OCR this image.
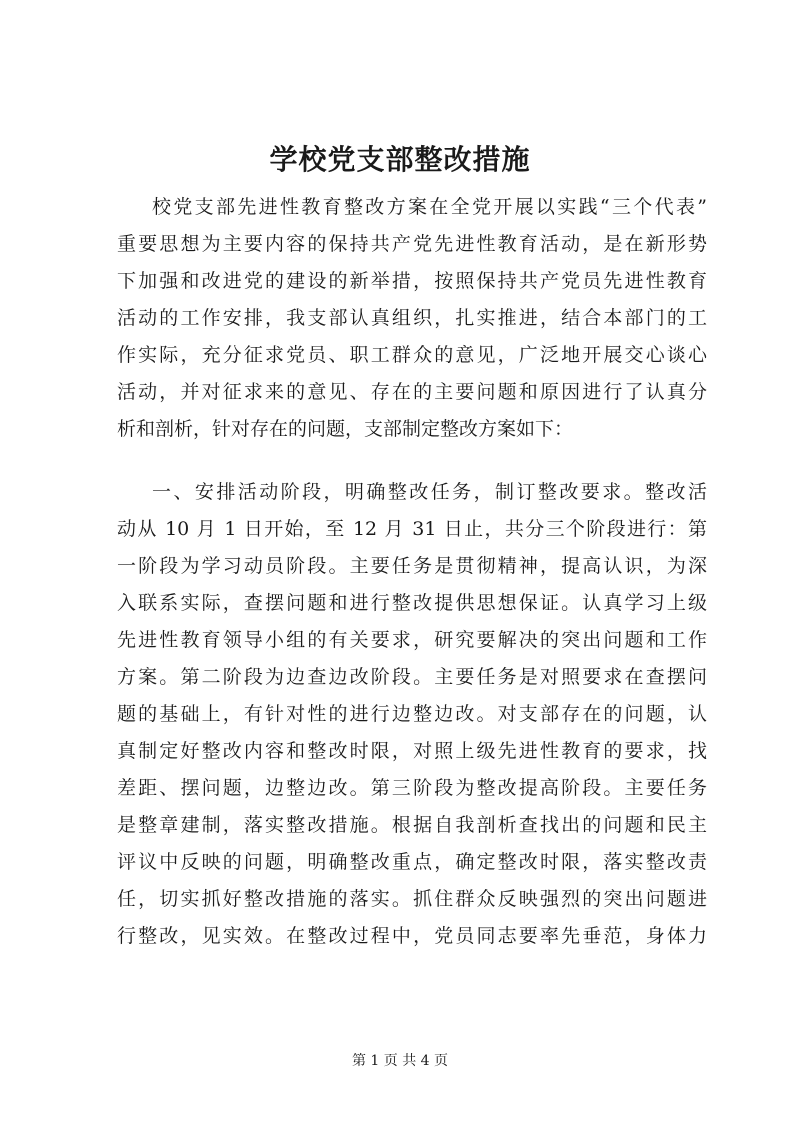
学校党支部整改措施
校党支部先进性教育整改方案在全党开展以实践“三个代表”
重要思想为主要内容的保持共产党先进性教育活动，是在新形势
下加强和改进党的建设的新举措，按照保持共产党员先进性教育
活动的工作安排，我支部认真组织，扎实推进，结合本部门的工
作实际，充分征求党员、职工群众的意见，广泛地开展交心谈心
活动，并对征求来的意见、存在的主要问题和原因进行了认真分
析和剖析，针对存在的问题，支部制定整改方案如下：
一、安排活动阶段，明确整改任务，制订整改要求。整改活
动从 10 月 1 日开始，至 12 月 31 日止，共分三个阶段进行：第
一阶段为学习动员阶段。主要任务是贯彻精神，提高认识，为深
入联系实际，查摆问题和进行整改提供思想保证。认真学习上级
先进性教育领导小组的有关要求，研究要解决的突出问题和工作
方案。第二阶段为边查边改阶段。主要任务是对照要求在查摆问
题的基础上，有针对性的进行边整边改。对支部存在的问题，认
真制定好整改内容和整改时限，对照上级先进性教育的要求，找
差距、摆问题，边整边改。第三阶段为整改提高阶段。主要任务
是整章建制，落实整改措施。根据自我剖析查找出的问题和民主
评议中反映的问题，明确整改重点，确定整改时限，落实整改责
任，切实抓好整改措施的落实。抓住群众反映强烈的突出问题进
行整改，见实效。在整改过程中，党员同志要率先垂范，身体力
第 1 页 共 4 页
